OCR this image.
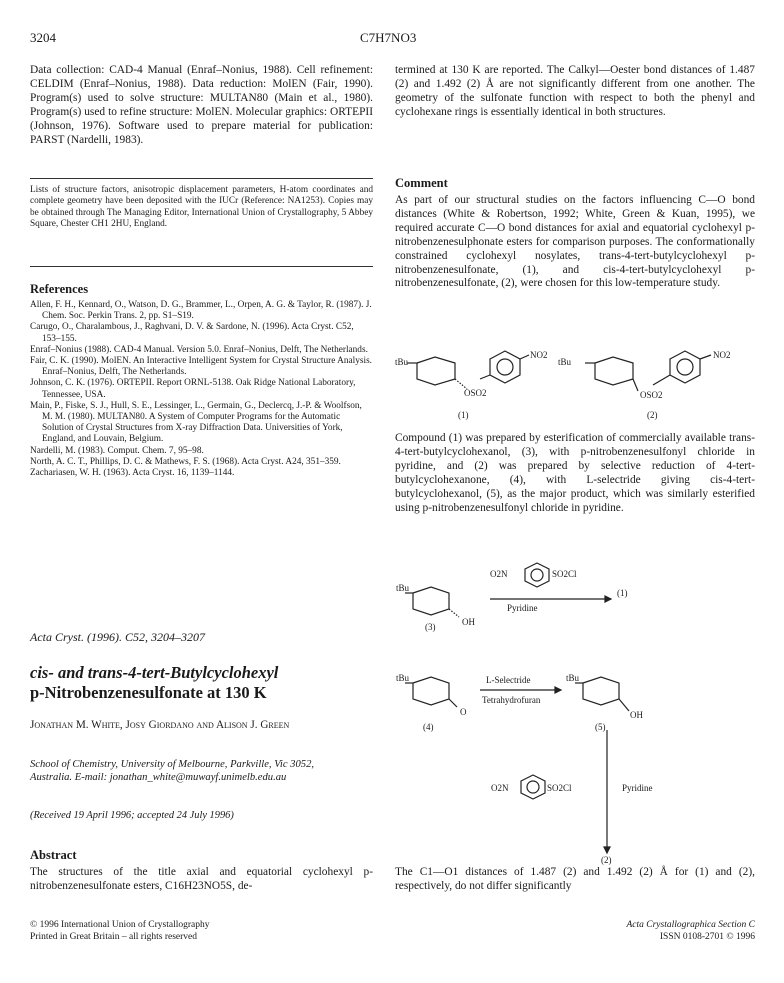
3204	C7H7NO3
Data collection: CAD-4 Manual (Enraf–Nonius, 1988). Cell refinement: CELDIM (Enraf–Nonius, 1988). Data reduction: MolEN (Fair, 1990). Program(s) used to solve structure: MULTAN80 (Main et al., 1980). Program(s) used to refine structure: MolEN. Molecular graphics: ORTEPII (Johnson, 1976). Software used to prepare material for publication: PARST (Nardelli, 1983).
Lists of structure factors, anisotropic displacement parameters, H-atom coordinates and complete geometry have been deposited with the IUCr (Reference: NA1253). Copies may be obtained through The Managing Editor, International Union of Crystallography, 5 Abbey Square, Chester CH1 2HU, England.
References

Allen, F. H., Kennard, O., Watson, D. G., Brammer, L., Orpen, A. G. & Taylor, R. (1987). J. Chem. Soc. Perkin Trans. 2, pp. S1–S19.

Carugo, O., Charalambous, J., Raghvani, D. V. & Sardone, N. (1996). Acta Cryst. C52, 153–155.

Enraf–Nonius (1988). CAD-4 Manual. Version 5.0. Enraf–Nonius, Delft, The Netherlands.

Fair, C. K. (1990). MolEN. An Interactive Intelligent System for Crystal Structure Analysis. Enraf–Nonius, Delft, The Netherlands.

Johnson, C. K. (1976). ORTEPII. Report ORNL-5138. Oak Ridge National Laboratory, Tennessee, USA.

Main, P., Fiske, S. J., Hull, S. E., Lessinger, L., Germain, G., Declercq, J.-P. & Woolfson, M. M. (1980). MULTAN80. A System of Computer Programs for the Automatic Solution of Crystal Structures from X-ray Diffraction Data. Universities of York, England, and Louvain, Belgium.

Nardelli, M. (1983). Comput. Chem. 7, 95–98.

North, A. C. T., Phillips, D. C. & Mathews, F. S. (1968). Acta Cryst. A24, 351–359.

Zachariasen, W. H. (1963). Acta Cryst. 16, 1139–1144.

Acta Cryst. (1996). C52, 3204–3207
cis- and trans-4-tert-Butylcyclohexyl
p-Nitrobenzenesulfonate at 130 K
Jonathan M. White, Josy Giordano and Alison J. Green
School of Chemistry, University of Melbourne, Parkville, Vic 3052, Australia. E-mail: jonathan_white@muwayf.unimelb.edu.au
(Received 19 April 1996; accepted 24 July 1996)
Abstract
The structures of the title axial and equatorial cyclohexyl p-nitrobenzenesulfonate esters, C16H23NO5S, de-
termined at 130 K are reported. The Calkyl—Oester bond distances of 1.487 (2) and 1.492 (2) Å are not significantly different from one another. The geometry of the sulfonate function with respect to both the phenyl and cyclohexane rings is essentially identical in both structures.
Comment
As part of our structural studies on the factors influencing C—O bond distances (White & Robertson, 1992; White, Green & Kuan, 1995), we required accurate C—O bond distances for axial and equatorial cyclohexyl p-nitrobenzenesulphonate esters for comparison purposes. The conformationally constrained cyclohexyl nosylates, trans-4-tert-butylcyclohexyl p-nitrobenzenesulfonate, (1), and cis-4-tert-butylcyclohexyl p-nitrobenzenesulfonate, (2), were chosen for this low-temperature study.
tBu
NO2
OSO2
tBu
NO2
OSO2
(1)	(2)
Compound (1) was prepared by esterification of commercially available trans-4-tert-butylcyclohexanol, (3), with p-nitrobenzenesulfonyl chloride in pyridine, and (2) was prepared by selective reduction of 4-tert-butylcyclohexanone, (4), with L-selectride giving cis-4-tert-butylcyclohexanol, (5), as the major product, which was similarly esterified using p-nitrobenzenesulfonyl chloride in pyridine.
O2N	SO2Cl
tBu
OH
Pyridine
(1)
(3)
tBu
O
L-Selectride
Tetrahydrofuran
tBu
OH
(4)	(5)
O2N	SO2Cl	Pyridine
(2)
The C1—O1 distances of 1.487 (2) and 1.492 (2) Å for (1) and (2), respectively, do not differ significantly
© 1996 International Union of Crystallography
Printed in Great Britain – all rights reserved
Acta Crystallographica Section C
ISSN 0108-2701 © 1996
